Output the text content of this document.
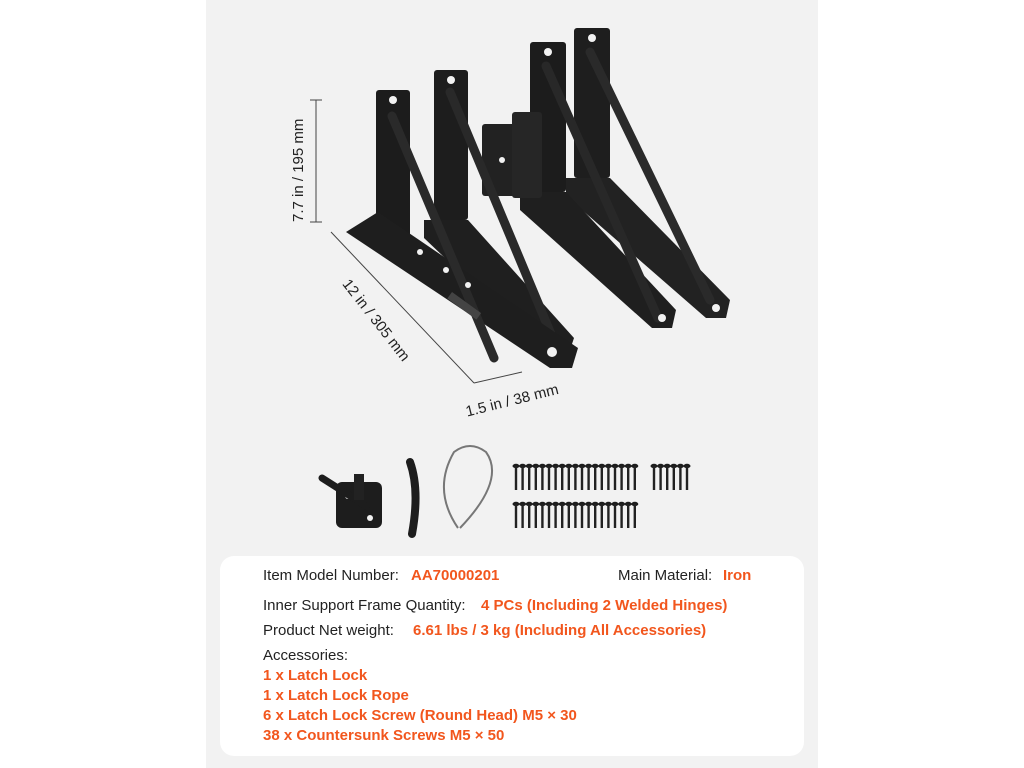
7.7 in / 195 mm
12 in / 305 mm
1.5 in / 38 mm
Item Model Number: AA70000201	Main Material: Iron
Inner Support Frame Quantity: 4 PCs (Including 2 Welded Hinges)
Product Net weight: 6.61 lbs / 3 kg (Including All Accessories)
Accessories:
1 x Latch Lock
1 x Latch Lock Rope
6 x Latch Lock Screw (Round Head) M5 × 30
38 x Countersunk Screws M5 × 50
